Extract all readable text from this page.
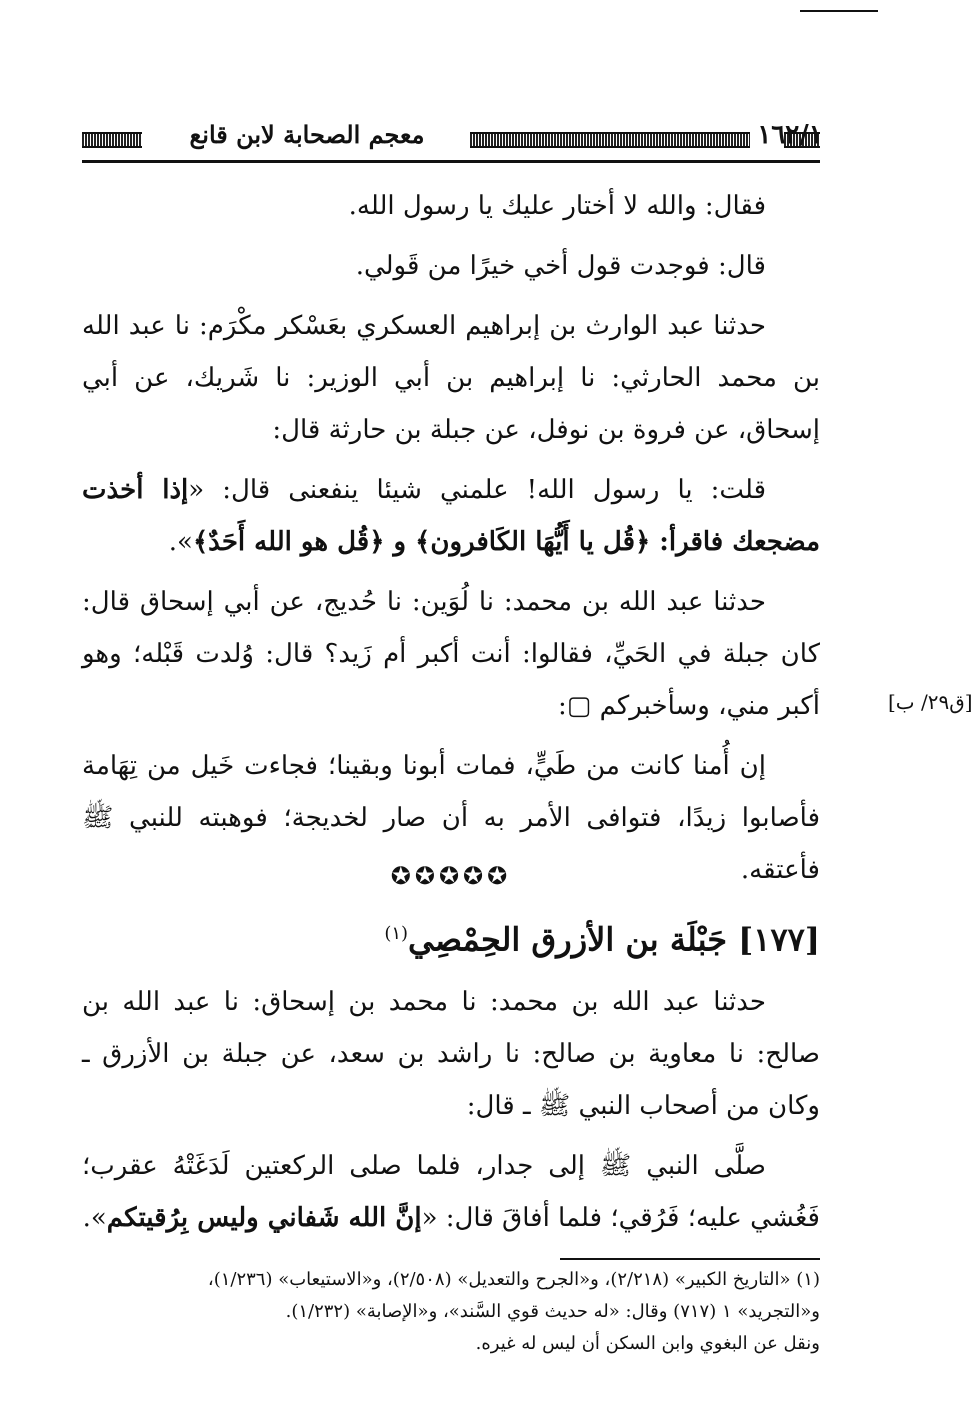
١٦٢/١
معجم الصحابة لابن قانع

فقال: والله لا أختار عليك يا رسول الله.

قال: فوجدت قول أخي خيرًا من قَولي.

حدثنا عبد الوارث بن إبراهيم العسكري بعَسْكر مكْرَم: نا عبد الله بن محمد الحارثي: نا إبراهيم بن أبي الوزير: نا شَريك، عن أبي إسحاق، عن فروة بن نوفل، عن جبلة بن حارثة قال:

قلت: يا رسول الله! علمني شيئا ينفعنى قال: «إذا أخذت مضجعك فاقرأ: ﴿قُل يا أَيُّهَا الكَافرون﴾ و ﴿قُل هو الله أَحَدٌ﴾».

حدثنا عبد الله بن محمد: نا لُوَين: نا حُديج، عن أبي إسحاق قال: كان جبلة في الحَيِّ، فقالوا: أنت أكبر أم زَيد؟ قال: وُلدت قَبْله؛ وهو أكبر مني، وسأخبركم ▢:

إن أُمنا كانت من طَيٍّ، فمات أبونا وبقينا؛ فجاءت خَيل من تِهَامة فأصابوا زيدًا، فتوافى الأمر به أن صار لخديجة؛ فوهبته للنبي ﷺ فأعتقه.

[ق٢٩/ ب]
✪✪✪✪✪
[١٧٧] جَبْلَة بن الأزرق الحِمْصِي$^{(١)}$

حدثنا عبد الله بن محمد: نا محمد بن إسحاق: نا عبد الله بن صالح: نا معاوية بن صالح: نا راشد بن سعد، عن جبلة بن الأزرق ـ وكان من أصحاب النبي ﷺ ـ قال:

صلَّى النبي ﷺ إلى جدار، فلما صلى الركعتين لَدَغَتْهُ عقرب؛ فَغُشي عليه؛ فَرُقي؛ فلما أفاقَ قال: «إنَّ الله شَفاني وليس بِرُقيتكم».

(١) «التاريخ الكبير» (٢/٢١٨)، و«الجرح والتعديل» (٢/٥٠٨)، و«الاستيعاب» (١/٢٣٦)،

و«التجريد» ١ (٧١٧) وقال: «له حديث قوي السَّند»، و«الإصابة» (١/٢٣٢).

ونقل عن البغوي وابن السكن أن ليس له غيره.
